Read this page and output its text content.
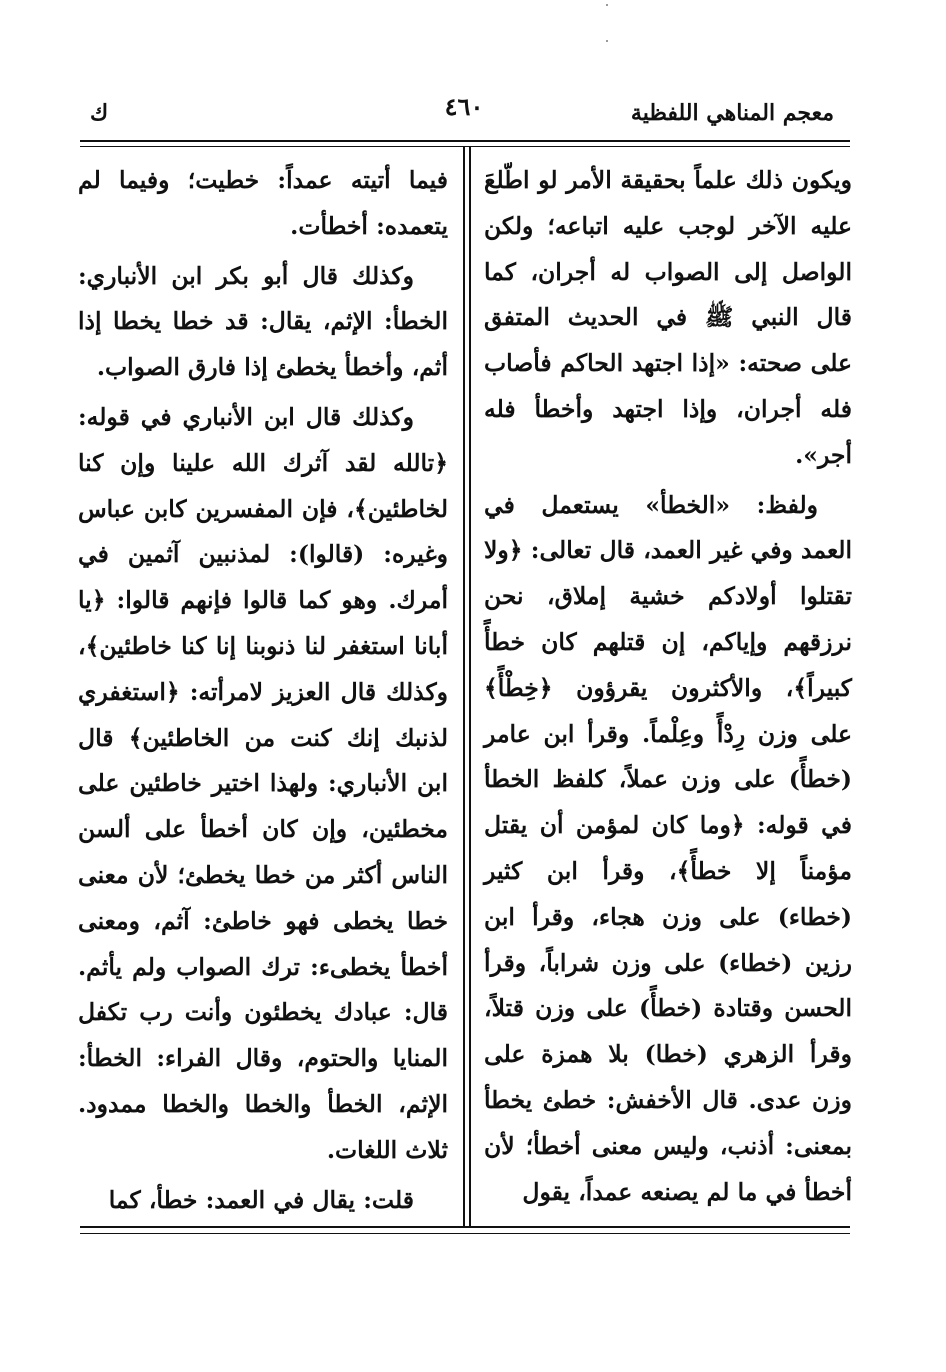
معجم المناهي اللفظية
٤٦٠
ك

ويكون ذلك علماً بحقيقة الأمر لو اطّلعَ عليه الآخر لوجب عليه اتباعه؛ ولكن الواصل إلى الصواب له أجران، كما قال النبي ﷺ في الحديث المتفق على صحته: «إذا اجتهد الحاكم فأصاب فله أجران، وإذا اجتهد وأخطأ فله أجر».

ولفظ: «الخطأ» يستعمل في العمد وفي غير العمد، قال تعالى: ﴿ولا تقتلوا أولادكم خشية إملاق، نحن نرزقهم وإياكم، إن قتلهم كان خطأً كبيراً﴾، والأكثرون يقرؤون ﴿خِطْأً﴾ على وزن رِدْأً وعِلْماً. وقرأ ابن عامر (خطأً) على وزن عملاً، كلفظ الخطأ في قوله: ﴿وما كان لمؤمن أن يقتل مؤمناً إلا خطأً﴾، وقرأ ابن كثير (خطاء) على وزن هجاء، وقرأ ابن رزين (خطاء) على وزن شراباً، وقرأ الحسن وقتادة (خطأً) على وزن قتلاً، وقرأ الزهري (خطا) بلا همزة على وزن عدى. قال الأخفش: خطئ يخطأ بمعنى: أذنب، وليس معنى أخطأ؛ لأن أخطأ في ما لم يصنعه عمداً، يقول

فيما أتيته عمداً: خطيت؛ وفيما لم يتعمده: أخطأت.

وكذلك قال أبو بكر ابن الأنباري: الخطأ: الإثم، يقال: قد خطا يخطا إذا أثم، وأخطأ يخطئ إذا فارق الصواب.

وكذلك قال ابن الأنباري في قوله: ﴿تالله لقد آثرك الله علينا وإن كنا لخاطئين﴾، فإن المفسرين كابن عباس وغيره: (قالوا): لمذنبين آثمين في أمرك. وهو كما قالوا فإنهم قالوا: ﴿يا أبانا استغفر لنا ذنوبنا إنا كنا خاطئين﴾، وكذلك قال العزيز لامرأته: ﴿استغفري لذنبك إنك كنت من الخاطئين﴾ قال ابن الأنباري: ولهذا اختير خاطئين على مخطئين، وإن كان أخطأ على ألسن الناس أكثر من خطا يخطئ؛ لأن معنى خطا يخطى فهو خاطئ: آثم، ومعنى أخطأ يخطىء: ترك الصواب ولم يأثم. قال: عبادك يخطئون وأنت رب تكفل المنايا والحتوم، وقال الفراء: الخطأ: الإثم، الخطأ والخطا والخطا ممدود. ثلاث اللغات.

قلت: يقال في العمد: خطأ، كما
